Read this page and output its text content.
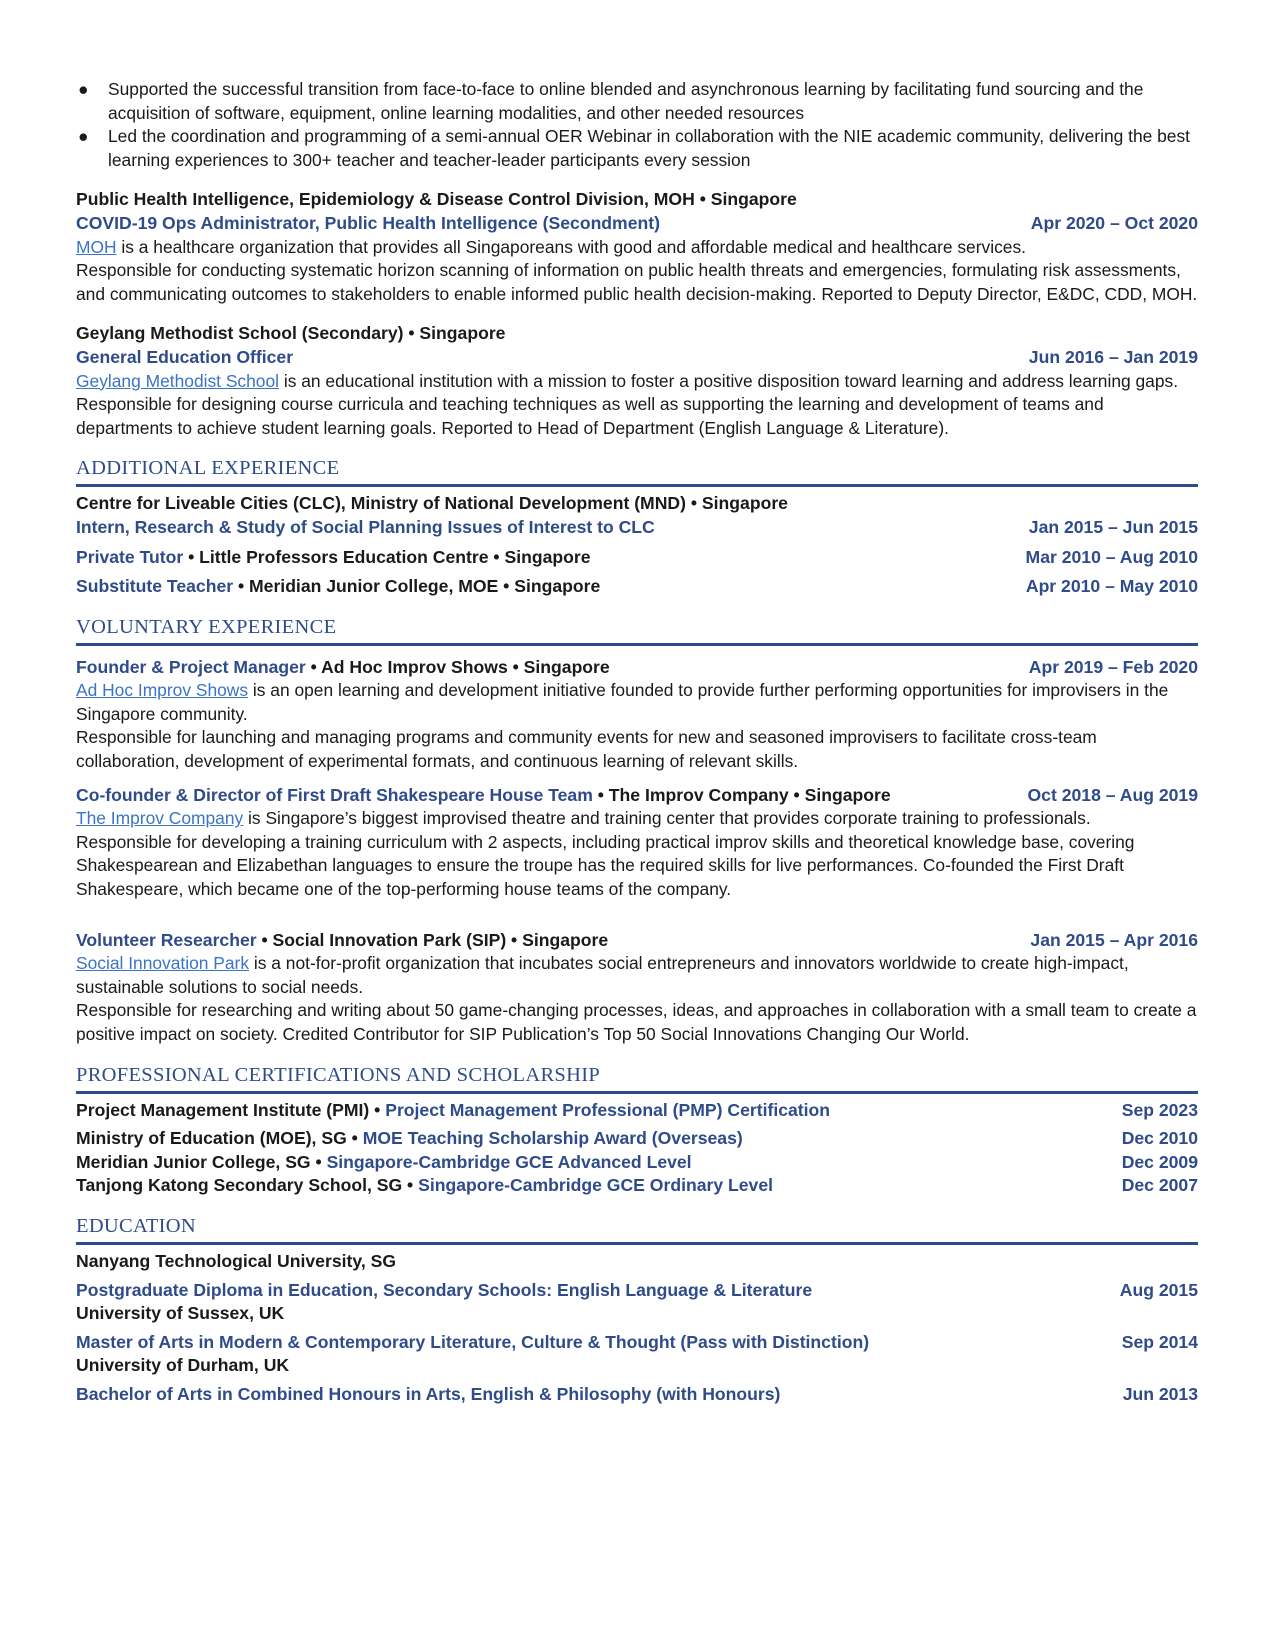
●	Supported the successful transition from face-to-face to online blended and asynchronous learning by facilitating fund sourcing and the acquisition of software, equipment, online learning modalities, and other needed resources
●	Led the coordination and programming of a semi-annual OER Webinar in collaboration with the NIE academic community, delivering the best learning experiences to 300+ teacher and teacher-leader participants every session
Public Health Intelligence, Epidemiology & Disease Control Division, MOH • Singapore
COVID-19 Ops Administrator, Public Health Intelligence (Secondment)	Apr 2020 – Oct 2020

MOH is a healthcare organization that provides all Singaporeans with good and affordable medical and healthcare services.

Responsible for conducting systematic horizon scanning of information on public health threats and emergencies, formulating risk assessments, and communicating outcomes to stakeholders to enable informed public health decision-making. Reported to Deputy Director, E&DC, CDD, MOH.

Geylang Methodist School (Secondary) • Singapore
General Education Officer	Jun 2016 – Jan 2019

Geylang Methodist School is an educational institution with a mission to foster a positive disposition toward learning and address learning gaps.

Responsible for designing course curricula and teaching techniques as well as supporting the learning and development of teams and departments to achieve student learning goals. Reported to Head of Department (English Language & Literature).

ADDITIONAL EXPERIENCE
Centre for Liveable Cities (CLC), Ministry of National Development (MND) • Singapore
Intern, Research & Study of Social Planning Issues of Interest to CLC	Jan 2015 – Jun 2015
Private Tutor • Little Professors Education Centre • Singapore	Mar 2010 – Aug 2010
Substitute Teacher • Meridian Junior College, MOE • Singapore	Apr 2010 – May 2010
VOLUNTARY EXPERIENCE
Founder & Project Manager • Ad Hoc Improv Shows • Singapore	Apr 2019 – Feb 2020

Ad Hoc Improv Shows is an open learning and development initiative founded to provide further performing opportunities for improvisers in the Singapore community.

Responsible for launching and managing programs and community events for new and seasoned improvisers to facilitate cross-team collaboration, development of experimental formats, and continuous learning of relevant skills.

Co-founder & Director of First Draft Shakespeare House Team • The Improv Company • Singapore	Oct 2018 – Aug 2019

The Improv Company is Singapore’s biggest improvised theatre and training center that provides corporate training to professionals.

Responsible for developing a training curriculum with 2 aspects, including practical improv skills and theoretical knowledge base, covering Shakespearean and Elizabethan languages to ensure the troupe has the required skills for live performances. Co-founded the First Draft Shakespeare, which became one of the top-performing house teams of the company.

Volunteer Researcher • Social Innovation Park (SIP) • Singapore	Jan 2015 – Apr 2016

Social Innovation Park is a not-for-profit organization that incubates social entrepreneurs and innovators worldwide to create high-impact, sustainable solutions to social needs.

Responsible for researching and writing about 50 game-changing processes, ideas, and approaches in collaboration with a small team to create a positive impact on society. Credited Contributor for SIP Publication’s Top 50 Social Innovations Changing Our World.

PROFESSIONAL CERTIFICATIONS AND SCHOLARSHIP
Project Management Institute (PMI) • Project Management Professional (PMP) Certification	Sep 2023
Ministry of Education (MOE), SG • MOE Teaching Scholarship Award (Overseas)	Dec 2010
Meridian Junior College, SG • Singapore-Cambridge GCE Advanced Level	Dec 2009
Tanjong Katong Secondary School, SG • Singapore-Cambridge GCE Ordinary Level	Dec 2007
EDUCATION
Nanyang Technological University, SG
Postgraduate Diploma in Education, Secondary Schools: English Language & Literature	Aug 2015
University of Sussex, UK
Master of Arts in Modern & Contemporary Literature, Culture & Thought (Pass with Distinction)	Sep 2014
University of Durham, UK
Bachelor of Arts in Combined Honours in Arts, English & Philosophy (with Honours)	Jun 2013
